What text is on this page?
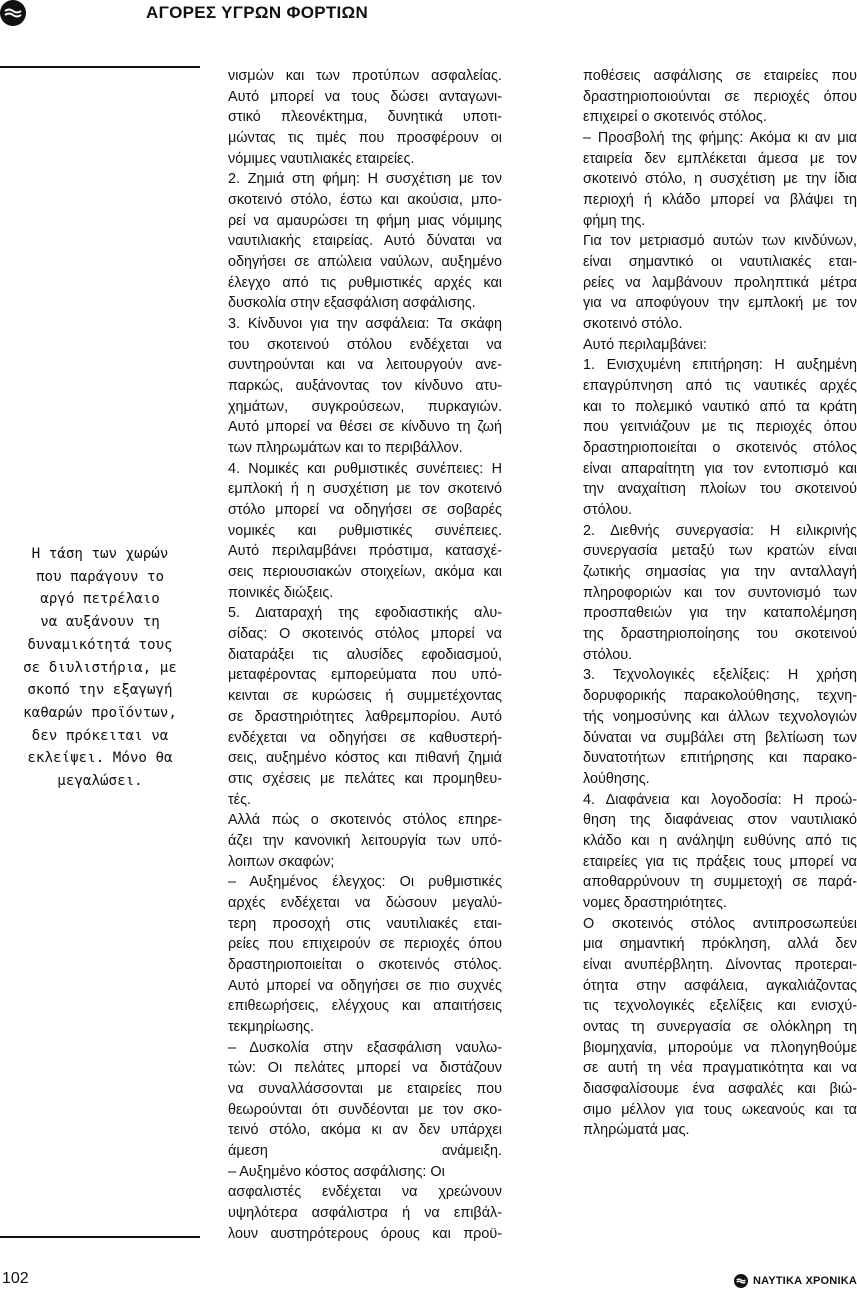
ΑΓΟΡΕΣ ΥΓΡΩΝ ΦΟΡΤΙΩΝ
Η τάση των χωρών
που παράγουν το
αργό πετρέλαιο
να αυξάνουν τη
δυναμικότητά τους
σε διυλιστήρια, με
σκοπό την εξαγωγή
καθαρών προϊόντων,
δεν πρόκειται να
εκλείψει. Μόνο θα
μεγαλώσει.
νισμών και των προτύπων ασφαλείας.
Αυτό μπορεί να τους δώσει ανταγωνι-
στικό πλεονέκτημα, δυνητικά υποτι-
μώντας τις τιμές που προσφέρουν οι
νόμιμες ναυτιλιακές εταιρείες.
2. Ζημιά στη φήμη: Η συσχέτιση με τον
σκοτεινό στόλο, έστω και ακούσια, μπο-
ρεί να αμαυρώσει τη φήμη μιας νόμιμης
ναυτιλιακής εταιρείας. Αυτό δύναται να
οδηγήσει σε απώλεια ναύλων, αυξημένο
έλεγχο από τις ρυθμιστικές αρχές και
δυσκολία στην εξασφάλιση ασφάλισης.
3. Κίνδυνοι για την ασφάλεια: Τα σκάφη
του σκοτεινού στόλου ενδέχεται να
συντηρούνται και να λειτουργούν ανε-
παρκώς, αυξάνοντας τον κίνδυνο ατυ-
χημάτων, συγκρούσεων, πυρκαγιών.
Αυτό μπορεί να θέσει σε κίνδυνο τη ζωή
των πληρωμάτων και το περιβάλλον.
4. Νομικές και ρυθμιστικές συνέπειες: Η
εμπλοκή ή η συσχέτιση με τον σκοτεινό
στόλο μπορεί να οδηγήσει σε σοβαρές
νομικές και ρυθμιστικές συνέπειες.
Αυτό περιλαμβάνει πρόστιμα, κατασχέ-
σεις περιουσιακών στοιχείων, ακόμα και
ποινικές διώξεις.
5. Διαταραχή της εφοδιαστικής αλυ-
σίδας: Ο σκοτεινός στόλος μπορεί να
διαταράξει τις αλυσίδες εφοδιασμού,
μεταφέροντας εμπορεύματα που υπό-
κεινται σε κυρώσεις ή συμμετέχοντας
σε δραστηριότητες λαθρεμπορίου. Αυτό
ενδέχεται να οδηγήσει σε καθυστερή-
σεις, αυξημένο κόστος και πιθανή ζημιά
στις σχέσεις με πελάτες και προμηθευ-
τές.
Αλλά πώς ο σκοτεινός στόλος επηρε-
άζει την κανονική λειτουργία των υπό-
λοιπων σκαφών;
– Αυξημένος έλεγχος: Οι ρυθμιστικές
αρχές ενδέχεται να δώσουν μεγαλύ-
τερη προσοχή στις ναυτιλιακές εται-
ρείες που επιχειρούν σε περιοχές όπου
δραστηριοποιείται ο σκοτεινός στόλος.
Αυτό μπορεί να οδηγήσει σε πιο συχνές
επιθεωρήσεις, ελέγχους και απαιτήσεις
τεκμηρίωσης.
– Δυσκολία στην εξασφάλιση ναυλω-
τών: Οι πελάτες μπορεί να διστάζουν
να συναλλάσσονται με εταιρείες που
θεωρούνται ότι συνδέονται με τον σκο-
τεινό στόλο, ακόμα κι αν δεν υπάρχει
άμεση ανάμειξη.
– Αυξημένο κόστος ασφάλισης: Οι
ασφαλιστές ενδέχεται να χρεώνουν
υψηλότερα ασφάλιστρα ή να επιβάλ-
λουν αυστηρότερους όρους και προϋ-
ποθέσεις ασφάλισης σε εταιρείες που
δραστηριοποιούνται σε περιοχές όπου
επιχειρεί ο σκοτεινός στόλος.
– Προσβολή της φήμης: Ακόμα κι αν μια
εταιρεία δεν εμπλέκεται άμεσα με τον
σκοτεινό στόλο, η συσχέτιση με την ίδια
περιοχή ή κλάδο μπορεί να βλάψει τη
φήμη της.
Για τον μετριασμό αυτών των κινδύνων,
είναι σημαντικό οι ναυτιλιακές εται-
ρείες να λαμβάνουν προληπτικά μέτρα
για να αποφύγουν την εμπλοκή με τον
σκοτεινό στόλο.
Αυτό περιλαμβάνει:
1. Ενισχυμένη επιτήρηση: Η αυξημένη
επαγρύπνηση από τις ναυτικές αρχές
και το πολεμικό ναυτικό από τα κράτη
που γειτνιάζουν με τις περιοχές όπου
δραστηριοποιείται ο σκοτεινός στόλος
είναι απαραίτητη για τον εντοπισμό και
την αναχαίτιση πλοίων του σκοτεινού
στόλου.
2. Διεθνής συνεργασία: Η ειλικρινής
συνεργασία μεταξύ των κρατών είναι
ζωτικής σημασίας για την ανταλλαγή
πληροφοριών και τον συντονισμό των
προσπαθειών για την καταπολέμηση
της δραστηριοποίησης του σκοτεινού
στόλου.
3. Τεχνολογικές εξελίξεις: Η χρήση
δορυφορικής παρακολούθησης, τεχνη-
τής νοημοσύνης και άλλων τεχνολογιών
δύναται να συμβάλει στη βελτίωση των
δυνατοτήτων επιτήρησης και παρακο-
λούθησης.
4. Διαφάνεια και λογοδοσία: Η προώ-
θηση της διαφάνειας στον ναυτιλιακό
κλάδο και η ανάληψη ευθύνης από τις
εταιρείες για τις πράξεις τους μπορεί να
αποθαρρύνουν τη συμμετοχή σε παρά-
νομες δραστηριότητες.
Ο σκοτεινός στόλος αντιπροσωπεύει
μια σημαντική πρόκληση, αλλά δεν
είναι ανυπέρβλητη. Δίνοντας προτεραι-
ότητα στην ασφάλεια, αγκαλιάζοντας
τις τεχνολογικές εξελίξεις και ενισχύ-
οντας τη συνεργασία σε ολόκληρη τη
βιομηχανία, μπορούμε να πλοηγηθούμε
σε αυτή τη νέα πραγματικότητα και να
διασφαλίσουμε ένα ασφαλές και βιώ-
σιμο μέλλον για τους ωκεανούς και τα
πληρώματά μας.
102	ΝΑΥΤΙΚΑ ΧΡΟΝΙΚΑ
